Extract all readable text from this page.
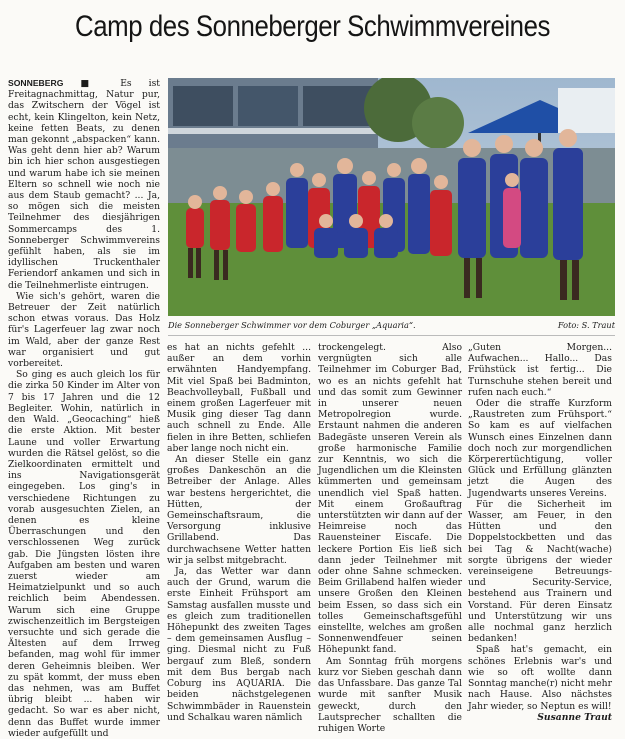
Camp des Sonneberger Schwimmvereines

SONNEBERG ■ Es ist Freitagnachmittag, Natur pur, das Zwitschern der Vögel ist echt, kein Klingelton, kein Netz, keine fetten Beats, zu denen man gekonnt „abspacken“ kann. Was geht denn hier ab? Warum bin ich hier schon ausgestiegen und warum habe ich sie meinen Eltern so schnell wie noch nie aus dem Staub gemacht? ... Ja, so mögen sich die meisten Teilnehmer des diesjährigen Sommercamps des 1. Sonneberger Schwimmvereins gefühlt haben, als sie im idyllischen Truckenthaler Feriendorf ankamen und sich in die Teilnehmerliste eintrugen.

Wie sich's gehört, waren die Betreuer der Zeit natürlich schon etwas voraus. Das Holz für's Lagerfeuer lag zwar noch im Wald, aber der ganze Rest war organisiert und gut vorbereitet.

So ging es auch gleich los für die zirka 50 Kinder im Alter von 7 bis 17 Jahren und die 12 Begleiter. Wohin, natürlich in den Wald. „Geocaching“ hieß die erste Aktion. Mit bester Laune und voller Erwartung wurden die Rätsel gelöst, so die Zielkoordinaten ermittelt und ins Navigationsgerät eingegeben. Los ging's in verschiedene Richtungen zu vorab ausgesuchten Zielen, an denen es kleine Überraschungen und den verschlossenen Weg zurück gab. Die Jüngsten lösten ihre Aufgaben am besten und waren zuerst wieder am Heimatzielpunkt und so auch reichlich beim Abendessen. Warum sich eine Gruppe zwischenzeitlich im Bergsteigen versuchte und sich gerade die Ältesten auf dem Irrweg befanden, mag wohl für immer deren Geheimnis bleiben. Wer zu spät kommt, der muss eben das nehmen, was am Buffet übrig bleibt ... haben wir gedacht. So war es aber nicht, denn das Buffet wurde immer wieder aufgefüllt und

Die Sonneberger Schwimmer vor dem Coburger „Aquaria“.	Foto: S. Traut

es hat an nichts gefehlt ... außer an dem vorhin erwähnten Handyempfang. Mit viel Spaß bei Badminton, Beachvolleyball, Fußball und einem großen Lagerfeuer mit Musik ging dieser Tag dann auch schnell zu Ende. Alle fielen in ihre Betten, schliefen aber lange noch nicht ein.

An dieser Stelle ein ganz großes Dankeschön an die Betreiber der Anlage. Alles war bestens hergerichtet, die Hütten, der Gemeinschaftsraum, die Versorgung inklusive Grillabend. Das durchwachsene Wetter hatten wir ja selbst mitgebracht.

Ja, das Wetter war dann auch der Grund, warum die erste Einheit Frühsport am Samstag ausfallen musste und es gleich zum traditionellen Höhepunkt des zweiten Tages – dem gemeinsamen Ausflug – ging. Diesmal nicht zu Fuß bergauf zum Bleß, sondern mit dem Bus bergab nach Coburg ins AQUARIA. Die beiden nächstgelegenen Schwimmbäder in Rauenstein und Schalkau waren nämlich

trockengelegt. Also vergnügten sich alle Teilnehmer im Coburger Bad, wo es an nichts gefehlt hat und das somit zum Gewinner in unserer neuen Metropolregion wurde. Erstaunt nahmen die anderen Badegäste unseren Verein als große harmonische Familie zur Kenntnis, wo sich die Jugendlichen um die Kleinsten kümmerten und gemeinsam unendlich viel Spaß hatten. Mit einem Großauftrag unterstützten wir dann auf der Heimreise noch das Rauensteiner Eiscafe. Die leckere Portion Eis ließ sich dann jeder Teilnehmer mit oder ohne Sahne schmecken. Beim Grillabend halfen wieder unsere Großen den Kleinen beim Essen, so dass sich ein tolles Gemeinschaftsgefühl einstellte, welches am großen Sonnenwendfeuer seinen Höhepunkt fand.

Am Sonntag früh morgens kurz vor Sieben geschah dann das Unfassbare. Das ganze Tal wurde mit sanfter Musik geweckt, durch den Lautsprecher schallten die ruhigen Worte

„Guten Morgen... Aufwachen... Hallo... Das Frühstück ist fertig... Die Turnschuhe stehen bereit und rufen nach euch.“

Oder die straffe Kurzform „Raustreten zum Frühsport.“ So kam es auf vielfachen Wunsch eines Einzelnen dann doch noch zur morgendlichen Körperertüchtigung, voller Glück und Erfüllung glänzten jetzt die Augen des Jugendwarts unseres Vereins.

Für die Sicherheit im Wasser, am Feuer, in den Hütten und den Doppelstockbetten und das bei Tag & Nacht(wache) sorgte übrigens der wieder vereinseigene Betreuungs- und Security-Service, bestehend aus Trainern und Vorstand. Für deren Einsatz und Unterstützung wir uns alle nochmal ganz herzlich bedanken!

Spaß hat's gemacht, ein schönes Erlebnis war's und wie so oft wollte dann Sonntag manche(r) nicht mehr nach Hause. Also nächstes Jahr wieder, so Neptun es will!

Susanne Traut
